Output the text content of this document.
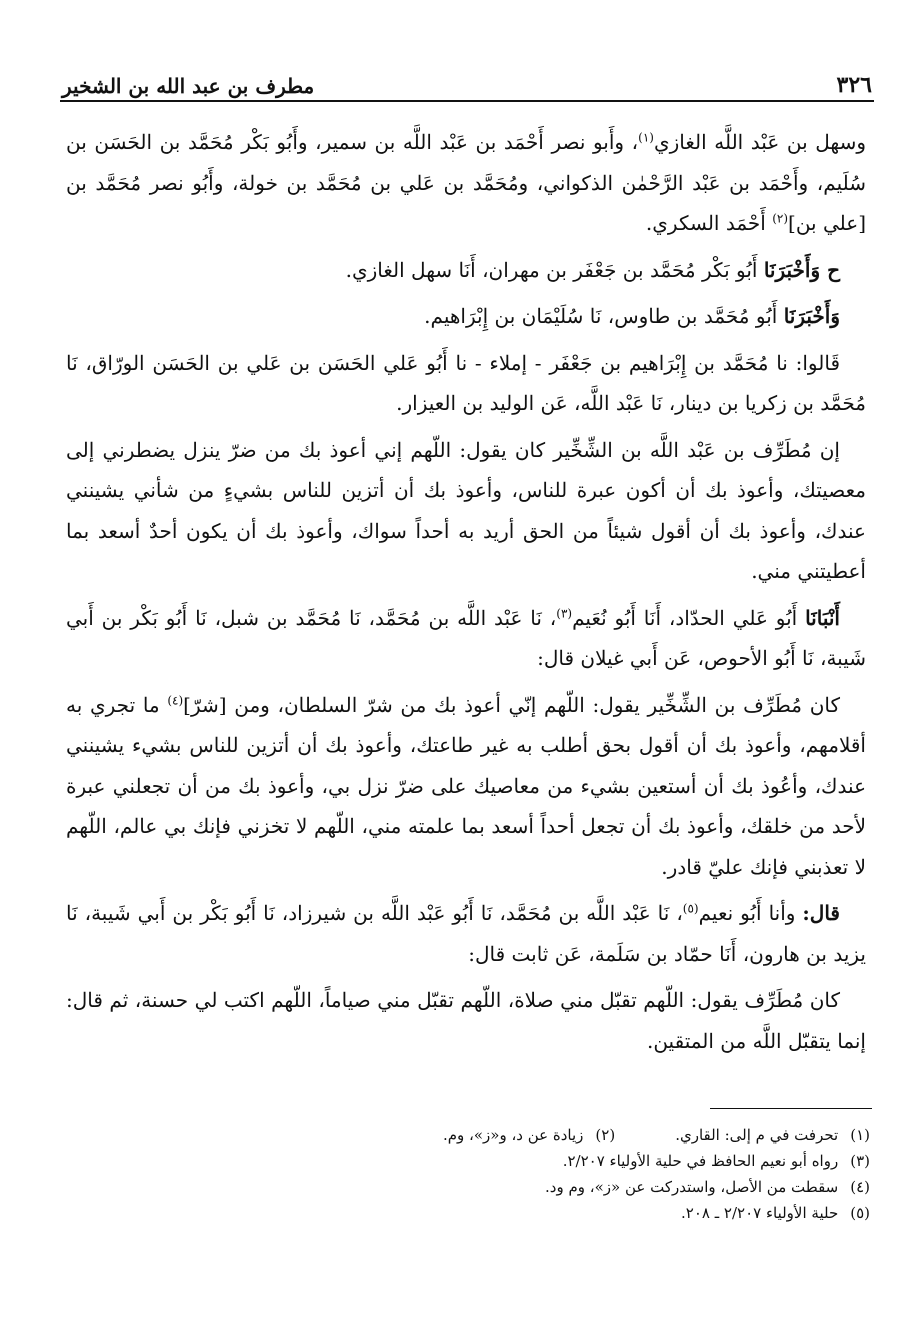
٣٢٦
مطرف بن عبد الله بن الشخير

وسهل بن عَبْد اللَّه الغازي$^{(١)}$، وأَبو نصر أَحْمَد بن عَبْد اللَّه بن سمير، وأَبُو بَكْر مُحَمَّد بن الحَسَن بن سُلَيم، وأَحْمَد بن عَبْد الرَّحْمٰن الذكواني، ومُحَمَّد بن عَلي بن مُحَمَّد بن خولة، وأَبُو نصر مُحَمَّد بن [علي بن]$^{(٢)}$ أَحْمَد السكري.

ح وَأَخْبَرَنَا أَبُو بَكْر مُحَمَّد بن جَعْفَر بن مهران، أَنَا سهل الغازي.

وَأَخْبَرَنَا أَبُو مُحَمَّد بن طاوس، نَا سُلَيْمَان بن إِبْرَاهيم.

قَالوا: نا مُحَمَّد بن إِبْرَاهيم بن جَعْفَر - إملاء - نا أَبُو عَلي الحَسَن بن عَلي بن الحَسَن الورّاق، نَا مُحَمَّد بن زكريا بن دينار، نَا عَبْد اللَّه، عَن الوليد بن العيزار.

إن مُطَرِّف بن عَبْد اللَّه بن الشِّخِّير كان يقول: اللّهم إني أعوذ بك من ضرّ ينزل يضطرني إلى معصيتك، وأعوذ بك أن أكون عبرة للناس، وأعوذ بك أن أتزين للناس بشيءٍ من شأني يشينني عندك، وأعوذ بك أن أقول شيئاً من الحق أريد به أحداً سواك، وأعوذ بك أن يكون أحدٌ أسعد بما أعطيتني مني.

أَنْبَانَا أَبُو عَلي الحدّاد، أَنَا أَبُو نُعَيم$^{(٣)}$، نَا عَبْد اللَّه بن مُحَمَّد، نَا مُحَمَّد بن شبل، نَا أَبُو بَكْر بن أَبي شَيبة، نَا أَبُو الأحوص، عَن أَبي غيلان قال:

كان مُطَرِّف بن الشِّخِّير يقول: اللّهم إنّي أعوذ بك من شرّ السلطان، ومن [شرّ]$^{(٤)}$ ما تجري به أقلامهم، وأعوذ بك أن أقول بحق أطلب به غير طاعتك، وأعوذ بك أن أتزين للناس بشيء يشينني عندك، وأعُوذ بك أن أستعين بشيء من معاصيك على ضرّ نزل بي، وأعوذ بك من أن تجعلني عبرة لأحد من خلقك، وأعوذ بك أن تجعل أحداً أسعد بما علمته مني، اللّهم لا تخزني فإنك بي عالم، اللّهم لا تعذبني فإنك عليّ قادر.

قال: وأنا أَبُو نعيم$^{(٥)}$، نَا عَبْد اللَّه بن مُحَمَّد، نَا أَبُو عَبْد اللَّه بن شيرزاد، نَا أَبُو بَكْر بن أَبي شَيبة، نَا يزيد بن هارون، أَنَا حمّاد بن سَلَمة، عَن ثابت قال:

كان مُطَرِّف يقول: اللّهم تقبّل مني صلاة، اللّهم تقبّل مني صياماً، اللّهم اكتب لي حسنة، ثم قال: إنما يتقبّل اللَّه من المتقين.

(١)تحرفت في م إلى: القاري.
(٢)زيادة عن د، و«ز»، وم.
(٣)رواه أبو نعيم الحافظ في حلية الأولياء ٢/٢٠٧.
(٤)سقطت من الأصل، واستدركت عن «ز»، وم ود.
(٥)حلية الأولياء ٢/٢٠٧ ـ ٢٠٨.
